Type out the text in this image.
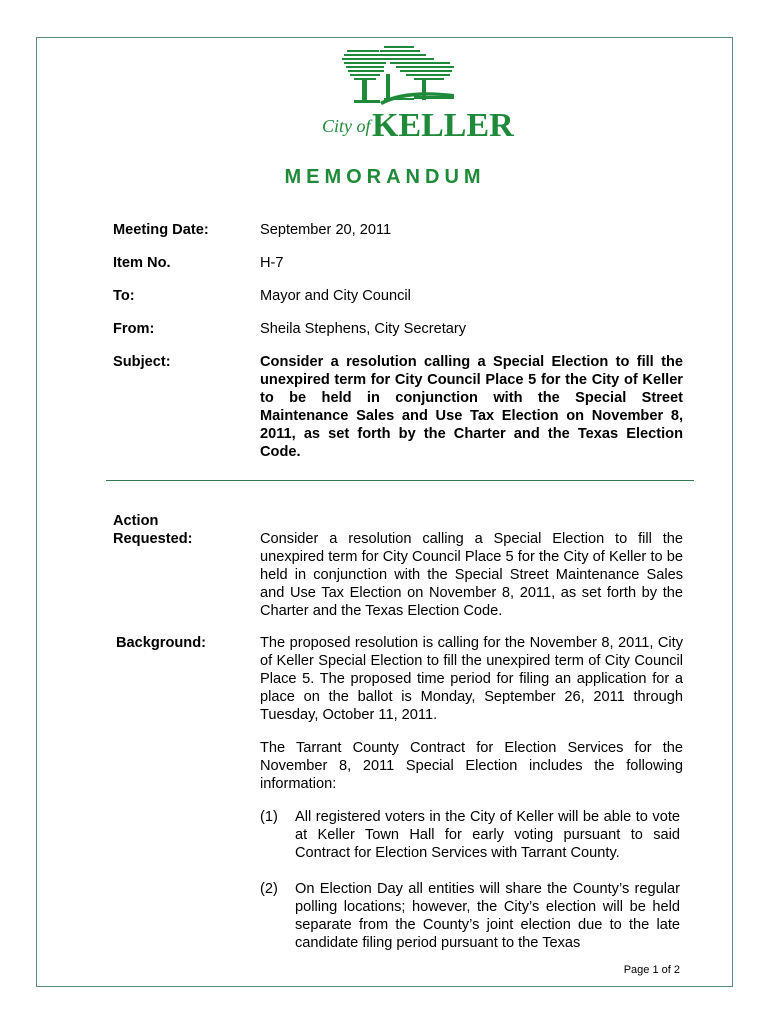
City of KELLER
MEMORANDUM
Meeting Date:	September 20, 2011
Item No.	H-7
To:	Mayor and City Council
From:	Sheila Stephens, City Secretary
Subject:	Consider a resolution calling a Special Election to fill the unexpired term for City Council Place 5 for the City of Keller to be held in conjunction with the Special Street Maintenance Sales and Use Tax Election on November 8, 2011, as set forth by the Charter and the Texas Election Code.
Action
Requested:	Consider a resolution calling a Special Election to fill the unexpired term for City Council Place 5 for the City of Keller to be held in conjunction with the Special Street Maintenance Sales and Use Tax Election on November 8, 2011, as set forth by the Charter and the Texas Election Code.
Background:	The proposed resolution is calling for the November 8, 2011, City of Keller Special Election to fill the unexpired term of City Council Place 5. The proposed time period for filing an application for a place on the ballot is Monday, September 26, 2011 through Tuesday, October 11, 2011.
The Tarrant County Contract for Election Services for the November 8, 2011 Special Election includes the following information:
(1) All registered voters in the City of Keller will be able to vote at Keller Town Hall for early voting pursuant to said Contract for Election Services with Tarrant County.
(2) On Election Day all entities will share the County’s regular polling locations; however, the City’s election will be held separate from the County’s joint election due to the late candidate filing period pursuant to the Texas
Page 1 of 2
